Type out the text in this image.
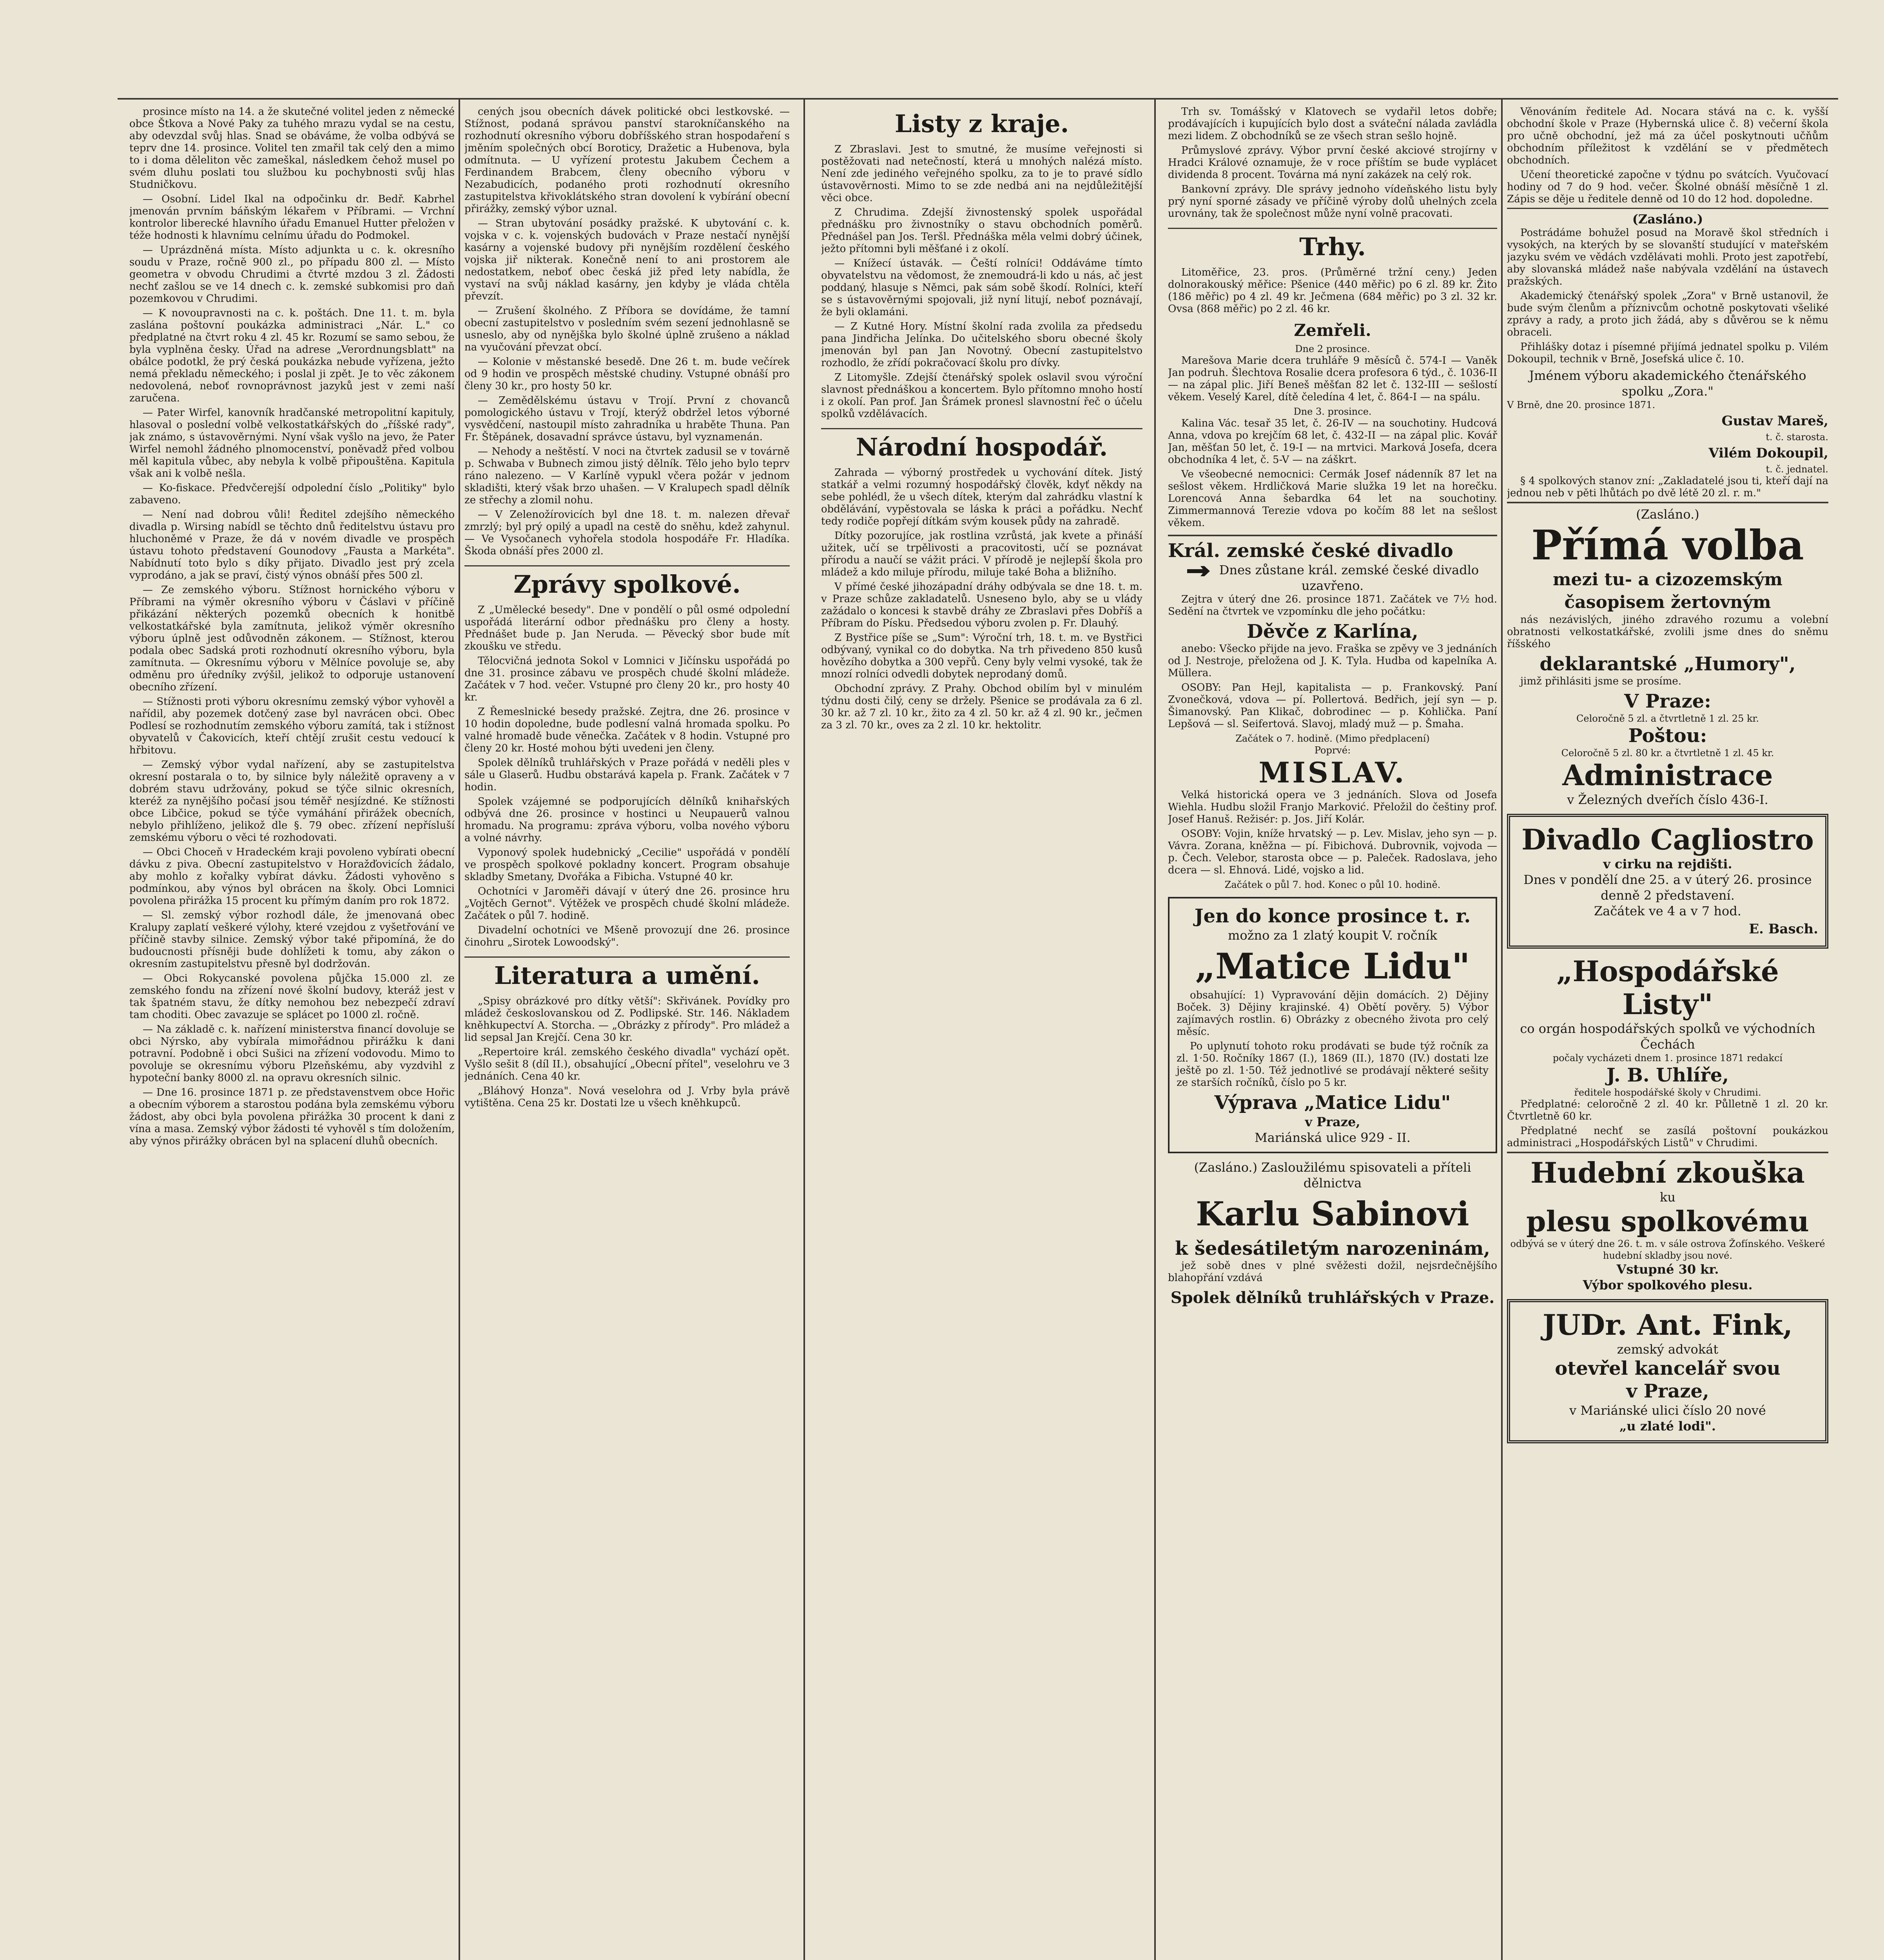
prosince místo na 14. a že skutečné volitel jeden z německé obce Štkova a Nové Paky za tuhého mrazu vydal se na cestu, aby odevzdal svůj hlas. Snad se obáváme, že volba odbývá se teprv dne 14. prosince. Volitel ten zmařil tak celý den a mimo to i doma děleliton věc zameškal, následkem čehož musel po svém dluhu poslati tou službou ku pochybnosti svůj hlas Studničkovu.

— Osobní. Lidel Ikal na odpočinku dr. Bedř. Kabrhel jmenován prvním báňským lékařem v Příbrami. — Vrchní kontrolor liberecké hlavního úřadu Emanuel Hutter přeložen v téže hodnosti k hlavnímu celnímu úřadu do Podmokel.

— Uprázdněná místa. Místo adjunkta u c. k. okresního soudu v Praze, ročně 900 zl., po případu 800 zl. — Místo geometra v obvodu Chrudimi a čtvrté mzdou 3 zl. Žádosti nechť zašlou se ve 14 dnech c. k. zemské subkomisi pro daň pozemkovou v Chrudimi.

— K novoupravnosti na c. k. poštách. Dne 11. t. m. byla zaslána poštovní poukázka administraci „Nár. L." co předplatné na čtvrt roku 4 zl. 45 kr. Rozumí se samo sebou, že byla vyplněna česky. Úřad na adrese „Verordnungsblatt" na obálce podotkl, že prý česká poukázka nebude vyřízena, ježto nemá překladu německého; i poslal ji zpět. Je to věc zákonem nedovolená, neboť rovnoprávnost jazyků jest v zemi naší zaručena.

— Pater Wirfel, kanovník hradčanské metropolitní kapituly, hlasoval o poslední volbě velkostatkářských do „říšské rady", jak známo, s ústavověrnými. Nyní však vyšlo na jevo, že Pater Wirfel nemohl žádného plnomocenství, poněvadž před volbou měl kapitula vůbec, aby nebyla k volbě připouštěna. Kapitula však ani k volbě nešla.

— Ko-fiskace. Předvčerejší odpolední číslo „Politiky" bylo zabaveno.

— Není nad dobrou vůli! Ředitel zdejšího německého divadla p. Wirsing nabídl se těchto dnů ředitelstvu ústavu pro hluchoněmé v Praze, že dá v novém divadle ve prospěch ústavu tohoto představení Gounodovy „Fausta a Markéta". Nabídnutí toto bylo s díky přijato. Divadlo jest prý zcela vyprodáno, a jak se praví, čistý výnos obnáší přes 500 zl.

— Ze zemského výboru. Stížnost hornického výboru v Příbrami na výměr okresního výboru v Čáslavi v příčině přikázání některých pozemků obecních k honitbě velkostatkářské byla zamítnuta, jelikož výměr okresního výboru úplně jest odůvodněn zákonem. — Stížnost, kterou podala obec Sadská proti rozhodnutí okresního výboru, byla zamítnuta. — Okresnímu výboru v Mělníce povoluje se, aby odměnu pro úředníky zvýšil, jelikož to odporuje ustanovení obecního zřízení.

— Stížnosti proti výboru okresnímu zemský výbor vyhověl a nařídil, aby pozemek dotčený zase byl navrácen obci. Obec Podlesí se rozhodnutím zemského výboru zamítá, tak i stížnost obyvatelů v Čakovicích, kteří chtějí zrušit cestu vedoucí k hřbitovu.

— Zemský výbor vydal nařízení, aby se zastupitelstva okresní postarala o to, by silnice byly náležitě opraveny a v dobrém stavu udržovány, pokud se týče silnic okresních, kteréž za nynějšího počasí jsou téměř nesjízdné. Ke stížnosti obce Libčice, pokud se týče vymáhání přirážek obecních, nebylo přihlíženo, jelikož dle §. 79 obec. zřízení nepřísluší zemskému výboru o věci té rozhodovati.

— Obci Choceň v Hradeckém kraji povoleno vybírati obecní dávku z piva. Obecní zastupitelstvo v Horažďovicích žádalo, aby mohlo z kořalky vybírat dávku. Žádosti vyhověno s podmínkou, aby výnos byl obrácen na školy. Obci Lomnici povolena přirážka 15 procent ku přímým daním pro rok 1872.

— Sl. zemský výbor rozhodl dále, že jmenovaná obec Kralupy zaplatí veškeré výlohy, které vzejdou z vyšetřování ve příčině stavby silnice. Zemský výbor také připomíná, že do budoucnosti přísněji bude dohlížeti k tomu, aby zákon o okresním zastupitelstvu přesně byl dodržován.

— Obci Rokycanské povolena půjčka 15.000 zl. ze zemského fondu na zřízení nové školní budovy, kteráž jest v tak špatném stavu, že dítky nemohou bez nebezpečí zdraví tam choditi. Obec zavazuje se splácet po 1000 zl. ročně.

— Na základě c. k. nařízení ministerstva financí dovoluje se obci Nýrsko, aby vybírala mimořádnou přirážku k dani potravní. Podobně i obci Sušici na zřízení vodovodu. Mimo to povoluje se okresnímu výboru Plzeňskému, aby vyzdvihl z hypoteční banky 8000 zl. na opravu okresních silnic.

— Dne 16. prosince 1871 p. ze představenstvem obce Hořic a obecním výborem a starostou podána byla zemskému výboru žádost, aby obci byla povolena přirážka 30 procent k dani z vína a masa. Zemský výbor žádosti té vyhověl s tím doložením, aby výnos přirážky obrácen byl na splacení dluhů obecních.

cených jsou obecních dávek politické obci lestkovské. — Stížnost, podaná správou panství starokníčanského na rozhodnutí okresního výboru dobříšského stran hospodaření s jměním společných obcí Boroticy, Dražetic a Hubenova, byla odmítnuta. — U vyřízení protestu Jakubem Čechem a Ferdinandem Brabcem, členy obecního výboru v Nezabudicích, podaného proti rozhodnutí okresního zastupitelstva křivoklátského stran dovolení k vybírání obecní přirážky, zemský výbor uznal.

— Stran ubytování posádky pražské. K ubytování c. k. vojska v c. k. vojenských budovách v Praze nestačí nynější kasárny a vojenské budovy při nynějším rozdělení českého vojska jiř nikterak. Konečně není to ani prostorem ale nedostatkem, neboť obec česká již před lety nabídla, že vystaví na svůj náklad kasárny, jen kdyby je vláda chtěla převzít.

— Zrušení školného. Z Příbora se dovídáme, že tamní obecní zastupitelstvo v posledním svém sezení jednohlasně se usneslo, aby od nynějška bylo školné úplně zrušeno a náklad na vyučování převzat obcí.

— Kolonie v městanské besedě. Dne 26 t. m. bude večírek od 9 hodin ve prospěch městské chudiny. Vstupné obnáší pro členy 30 kr., pro hosty 50 kr.

— Zemědělskému ústavu v Trojí. První z chovanců pomologického ústavu v Trojí, kterýž obdržel letos výborné vysvědčení, nastoupil místo zahradníka u hraběte Thuna. Pan Fr. Štěpánek, dosavadní správce ústavu, byl vyznamenán.

— Nehody a neštěstí. V noci na čtvrtek zadusil se v továrně p. Schwaba v Bubnech zimou jistý dělník. Tělo jeho bylo teprv ráno nalezeno. — V Karlíně vypukl včera požár v jednom skladišti, který však brzo uhašen. — V Kralupech spadl dělník ze střechy a zlomil nohu.

— V Zelenožírovicích byl dne 18. t. m. nalezen dřevař zmrzlý; byl prý opilý a upadl na cestě do sněhu, kdež zahynul. — Ve Vysočanech vyhořela stodola hospodáře Fr. Hladíka. Škoda obnáší přes 2000 zl.

Zprávy spolkové.

Z „Umělecké besedy". Dne v pondělí o půl osmé odpolední uspořádá literární odbor přednášku pro členy a hosty. Přednášet bude p. Jan Neruda. — Pěvecký sbor bude mít zkoušku ve středu.

Tělocvičná jednota Sokol v Lomnici v Jičínsku uspořádá po dne 31. prosince zábavu ve prospěch chudé školní mládeže. Začátek v 7 hod. večer. Vstupné pro členy 20 kr., pro hosty 40 kr.

Z Řemeslnické besedy pražské. Zejtra, dne 26. prosince v 10 hodin dopoledne, bude podlesní valná hromada spolku. Po valné hromadě bude věnečka. Začátek v 8 hodin. Vstupné pro členy 20 kr. Hosté mohou býti uvedeni jen členy.

Spolek dělníků truhlářských v Praze pořádá v neděli ples v sále u Glaserů. Hudbu obstarává kapela p. Frank. Začátek v 7 hodin.

Spolek vzájemné se podporujících dělníků knihařských odbývá dne 26. prosince v hostinci u Neupauerů valnou hromadu. Na programu: zpráva výboru, volba nového výboru a volné návrhy.

Vyponový spolek hudebnický „Cecilie" uspořádá v pondělí ve prospěch spolkové pokladny koncert. Program obsahuje skladby Smetany, Dvořáka a Fibicha. Vstupné 40 kr.

Ochotníci v Jaroměři dávají v úterý dne 26. prosince hru „Vojtěch Gernot". Výtěžek ve prospěch chudé školní mládeže. Začátek o půl 7. hodině.

Divadelní ochotníci ve Mšeně provozují dne 26. prosince činohru „Sirotek Lowoodský".

Literatura a umění.

„Spisy obrázkové pro dítky větší": Skřivánek. Povídky pro mládež českoslovanskou od Z. Podlipské. Str. 146. Nákladem kněhkupectví A. Storcha. — „Obrázky z přírody". Pro mládež a lid sepsal Jan Krejčí. Cena 30 kr.

„Repertoire král. zemského českého divadla" vychází opět. Vyšlo sešit 8 (díl II.), obsahující „Obecní přítel", veselohru ve 3 jednáních. Cena 40 kr.

„Bláhový Honza". Nová veselohra od J. Vrby byla právě vytištěna. Cena 25 kr. Dostati lze u všech kněhkupců.

Listy z kraje.

Z Zbraslavi. Jest to smutné, že musíme veřejnosti si postěžovati nad netečností, která u mnohých nalézá místo. Není zde jediného veřejného spolku, za to je to pravé sídlo ústavověrnosti. Mimo to se zde nedbá ani na nejdůležitější věci obce.

Z Chrudima. Zdejší živnostenský spolek uspořádal přednášku pro živnostníky o stavu obchodních poměrů. Přednášel pan Jos. Teršl. Přednáška měla velmi dobrý účinek, ježto přítomni byli měšťané i z okolí.

— Knížecí ústavák. — Čeští rolníci! Oddáváme tímto obyvatelstvu na vědomost, že znemoudrá-li kdo u nás, ač jest poddaný, hlasuje s Němci, pak sám sobě škodí. Rolníci, kteří se s ústavověrnými spojovali, již nyní litují, neboť poznávají, že byli oklamáni.

— Z Kutné Hory. Místní školní rada zvolila za předsedu pana Jindřicha Jelínka. Do učitelského sboru obecné školy jmenován byl pan Jan Novotný. Obecní zastupitelstvo rozhodlo, že zřídí pokračovací školu pro dívky.

Z Litomyšle. Zdejší čtenářský spolek oslavil svou výroční slavnost přednáškou a koncertem. Bylo přítomno mnoho hostí i z okolí. Pan prof. Jan Šrámek pronesl slavnostní řeč o účelu spolků vzdělávacích.

Národní hospodář.

Zahrada — výborný prostředek u vychování dítek. Jistý statkář a velmi rozumný hospodářský člověk, kdyť někdy na sebe pohlédl, že u všech dítek, kterým dal zahrádku vlastní k obdělávání, vypěstovala se láska k práci a pořádku. Nechť tedy rodiče popřejí dítkám svým kousek půdy na zahradě.

Dítky pozorujíce, jak rostlina vzrůstá, jak kvete a přináší užitek, učí se trpělivosti a pracovitosti, učí se poznávat přírodu a naučí se vážit práci. V přírodě je nejlepší škola pro mládež a kdo miluje přírodu, miluje také Boha a bližního.

V přímé české jihozápadní dráhy odbývala se dne 18. t. m. v Praze schůze zakladatelů. Usneseno bylo, aby se u vlády zažádalo o koncesi k stavbě dráhy ze Zbraslavi přes Dobříš a Příbram do Písku. Předsedou výboru zvolen p. Fr. Dlauhý.

Z Bystřice píše se „Sum": Výroční trh, 18. t. m. ve Bystřici odbývaný, vynikal co do dobytka. Na trh přivedeno 850 kusů hovězího dobytka a 300 vepřů. Ceny byly velmi vysoké, tak že mnozí rolníci odvedli dobytek neprodaný domů.

Obchodní zprávy. Z Prahy. Obchod obilím byl v minulém týdnu dosti čilý, ceny se držely. Pšenice se prodávala za 6 zl. 30 kr. až 7 zl. 10 kr., žito za 4 zl. 50 kr. až 4 zl. 90 kr., ječmen za 3 zl. 70 kr., oves za 2 zl. 10 kr. hektolitr.

Trh sv. Tomášský v Klatovech se vydařil letos dobře; prodávajících i kupujících bylo dost a sváteční nálada zavládla mezi lidem. Z obchodníků se ze všech stran sešlo hojně.

Průmyslové zprávy. Výbor první české akciové strojírny v Hradci Králové oznamuje, že v roce příštím se bude vyplácet dividenda 8 procent. Továrna má nyní zakázek na celý rok.

Bankovní zprávy. Dle správy jednoho vídeňského listu byly prý nyní sporné zásady ve příčině výroby dolů uhelných zcela urovnány, tak že společnost může nyní volně pracovati.

Trhy.

Litoměřice, 23. pros. (Průměrné tržní ceny.) Jeden dolnorakouský měřice: Pšenice (440 měřic) po 6 zl. 89 kr. Žito (186 měřic) po 4 zl. 49 kr. Ječmena (684 měřic) po 3 zl. 32 kr. Ovsa (868 měřic) po 2 zl. 46 kr.

Zemřeli.
Dne 2 prosince.

Marešova Marie dcera truhláře 9 měsíců č. 574-I — Vaněk Jan podruh. Šlechtova Rosalie dcera profesora 6 týd., č. 1036-II — na zápal plic. Jiří Beneš měšťan 82 let č. 132-III — sešlostí věkem. Veselý Karel, dítě čeledína 4 let, č. 864-I — na spálu.

Dne 3. prosince.

Kalina Vác. tesař 35 let, č. 26-IV — na souchotiny. Hudcová Anna, vdova po krejčím 68 let, č. 432-II — na zápal plic. Kovář Jan, měšťan 50 let, č. 19-I — na mrtvici. Marková Josefa, dcera obchodníka 4 let, č. 5-V — na záškrt.

Ve všeobecné nemocnici: Cermák Josef nádenník 87 let na sešlost věkem. Hrdličková Marie služka 19 let na horečku. Lorencová Anna šebardka 64 let na souchotiny. Zimmermannová Terezie vdova po kočím 88 let na sešlost věkem.

Král. zemské české divadlo
Dnes zůstane král. zemské české divadlo uzavřeno.

Zejtra v úterý dne 26. prosince 1871. Začátek ve 7½ hod. Sedění na čtvrtek ve vzpomínku dle jeho počátku:

Děvče z Karlína,

anebo: Všecko přijde na jevo. Fraška se zpěvy ve 3 jednáních od J. Nestroje, přeložena od J. K. Tyla. Hudba od kapelníka A. Müllera.

OSOBY: Pan Hejl, kapitalista — p. Frankovský. Paní Zvonečková, vdova — pí. Pollertová. Bedřich, její syn — p. Šimanovský. Pan Klikač, dobrodinec — p. Kohlička. Paní Lepšová — sl. Seifertová. Slavoj, mladý muž — p. Šmaha.

Začátek o 7. hodině. (Mimo předplacení)
Poprvé:
MISLAV.

Velká historická opera ve 3 jednáních. Slova od Josefa Wiehla. Hudbu složil Franjo Marković. Přeložil do češtiny prof. Josef Hanuš. Režisér: p. Jos. Jiří Kolár.

OSOBY: Vojin, kníže hrvatský — p. Lev. Mislav, jeho syn — p. Vávra. Zorana, kněžna — pí. Fibichová. Dubrovnik, vojvoda — p. Čech. Velebor, starosta obce — p. Paleček. Radoslava, jeho dcera — sl. Ehnová. Lidé, vojsko a lid.

Začátek o půl 7. hod. Konec o půl 10. hodině.
Jen do konce prosince t. r.
možno za 1 zlatý koupit V. ročník
„Matice Lidu"

obsahující: 1) Vypravování dějin domácích. 2) Dějiny Boček. 3) Dějiny krajinské. 4) Obětí pověry. 5) Výbor zajímavých rostlin. 6) Obrázky z obecného života pro celý měsíc.

Po uplynutí tohoto roku prodávati se bude týž ročník za zl. 1·50. Ročníky 1867 (I.), 1869 (II.), 1870 (IV.) dostati lze ještě po zl. 1·50. Též jednotlivé se prodávají některé sešity ze starších ročníků, číslo po 5 kr.

Výprava „Matice Lidu"
v Praze,
Mariánská ulice 929 - II.
(Zasláno.) Zasloužilému spisovateli a příteli dělnictva
Karlu Sabinovi
k šedesátiletým narozeninám,

jež sobě dnes v plné svěžesti dožil, nejsrdečnějšího blahopřání vzdává

Spolek dělníků truhlářských v Praze.

Věnováním ředitele Ad. Nocara stává na c. k. vyšší obchodní škole v Praze (Hybernská ulice č. 8) večerní škola pro učně obchodní, jež má za účel poskytnouti učňům obchodním příležitost k vzdělání se v předmětech obchodních.

Učení theoretické započne v týdnu po svátcích. Vyučovací hodiny od 7 do 9 hod. večer. Školné obnáší měsíčně 1 zl. Zápis se děje u ředitele denně od 10 do 12 hod. dopoledne.

(Zasláno.)

Postrádáme bohužel posud na Moravě škol středních i vysokých, na kterých by se slovanští studující v mateřském jazyku svém ve vědách vzdělávati mohli. Proto jest zapotřebí, aby slovanská mládež naše nabývala vzdělání na ústavech pražských.

Akademický čtenářský spolek „Zora" v Brně ustanovil, že bude svým členům a příznivcům ochotně poskytovati všeliké zprávy a rady, a proto jich žádá, aby s důvěrou se k němu obraceli.

Přihlášky dotaz i písemné přijímá jednatel spolku p. Vilém Dokoupil, technik v Brně, Josefská ulice č. 10.

Jménem výboru akademického čtenářského spolku „Zora."
V Brně, dne 20. prosince 1871.
Gustav Mareš,
t. č. starosta.
Vilém Dokoupil,
t. č. jednatel.

§ 4 spolkových stanov zní: „Zakladatelé jsou ti, kteří dají na jednou neb v pěti lhůtách po dvě létě 20 zl. r. m."

(Zasláno.)
Přímá volba
mezi tu- a cizozemským časopisem žertovným

nás nezávislých, jiného zdravého rozumu a volební obratnosti velkostatkářské, zvolili jsme dnes do sněmu říšského

deklarantské „Humory",

jimž přihlásiti jsme se prosíme.

V Praze:
Celoročně 5 zl. a čtvrtletně 1 zl. 25 kr.
Poštou:
Celoročně 5 zl. 80 kr. a čtvrtletně 1 zl. 45 kr.
Administrace
v Železných dveřích číslo 436-I.
Divadlo Cagliostro
v cirku na rejdišti.
Dnes v pondělí dne 25. a v úterý 26. prosince denně 2 představení.
Začátek ve 4 a v 7 hod.
E. Basch.
„Hospodářské Listy"
co orgán hospodářských spolků ve východních Čechách
počaly vycházeti dnem 1. prosince 1871 redakcí
J. B. Uhlíře,
ředitele hospodářské školy v Chrudimi.

Předplatné: celoročně 2 zl. 40 kr. Půlletně 1 zl. 20 kr. Čtvrtletně 60 kr.

Předplatné nechť se zasílá poštovní poukázkou administraci „Hospodářských Listů" v Chrudimi.

Hudební zkouška
ku
plesu spolkovému
odbývá se v úterý dne 26. t. m. v sále ostrova Žofínského. Veškeré hudební skladby jsou nové.
Vstupné 30 kr.
Výbor spolkového plesu.
JUDr. Ant. Fink,
zemský advokát
otevřel kancelář svou
v Praze,
v Mariánské ulici číslo 20 nové
„u zlaté lodi".
